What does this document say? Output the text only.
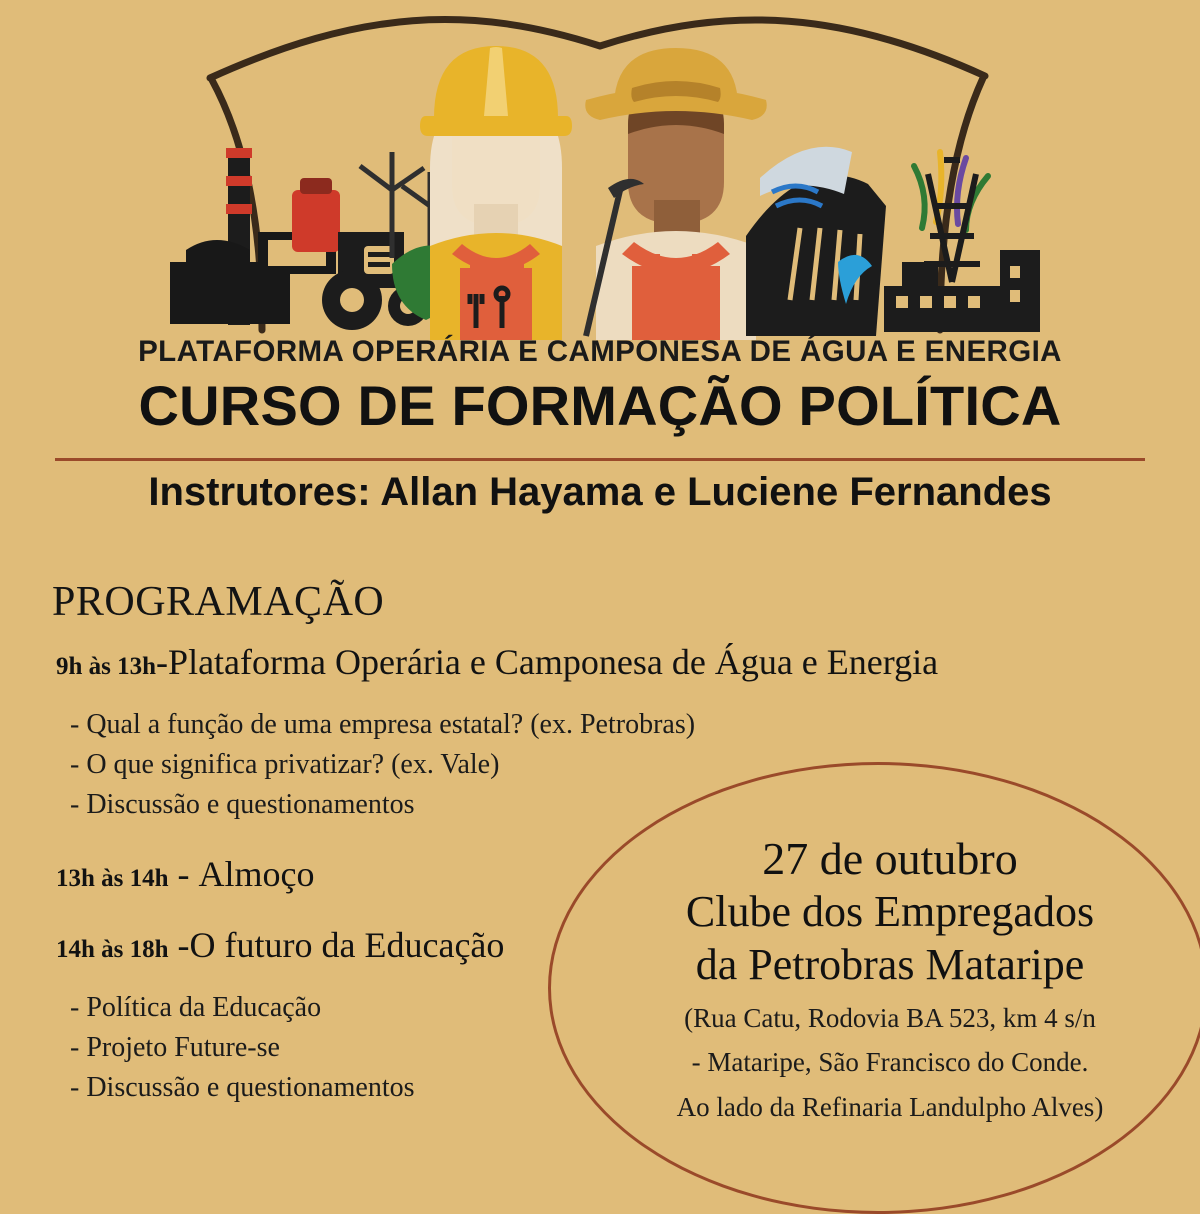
PLATAFORMA OPERÁRIA E CAMPONESA DE ÁGUA E ENERGIA
CURSO DE FORMAÇÃO POLÍTICA
Instrutores: Allan Hayama e Luciene Fernandes
PROGRAMAÇÃO
9h às 13h-Plataforma Operária e Camponesa de Água e Energia
- Qual a função de uma empresa estatal? (ex. Petrobras)
- O que significa privatizar? (ex. Vale)
- Discussão e questionamentos
13h às 14h - Almoço
14h às 18h -O futuro da Educação
- Política da Educação
- Projeto Future-se
- Discussão e questionamentos
27 de outubro
Clube dos Empregados
da Petrobras Mataripe
(Rua Catu, Rodovia BA 523, km 4 s/n
- Mataripe, São Francisco do Conde.
Ao lado da Refinaria Landulpho Alves)
